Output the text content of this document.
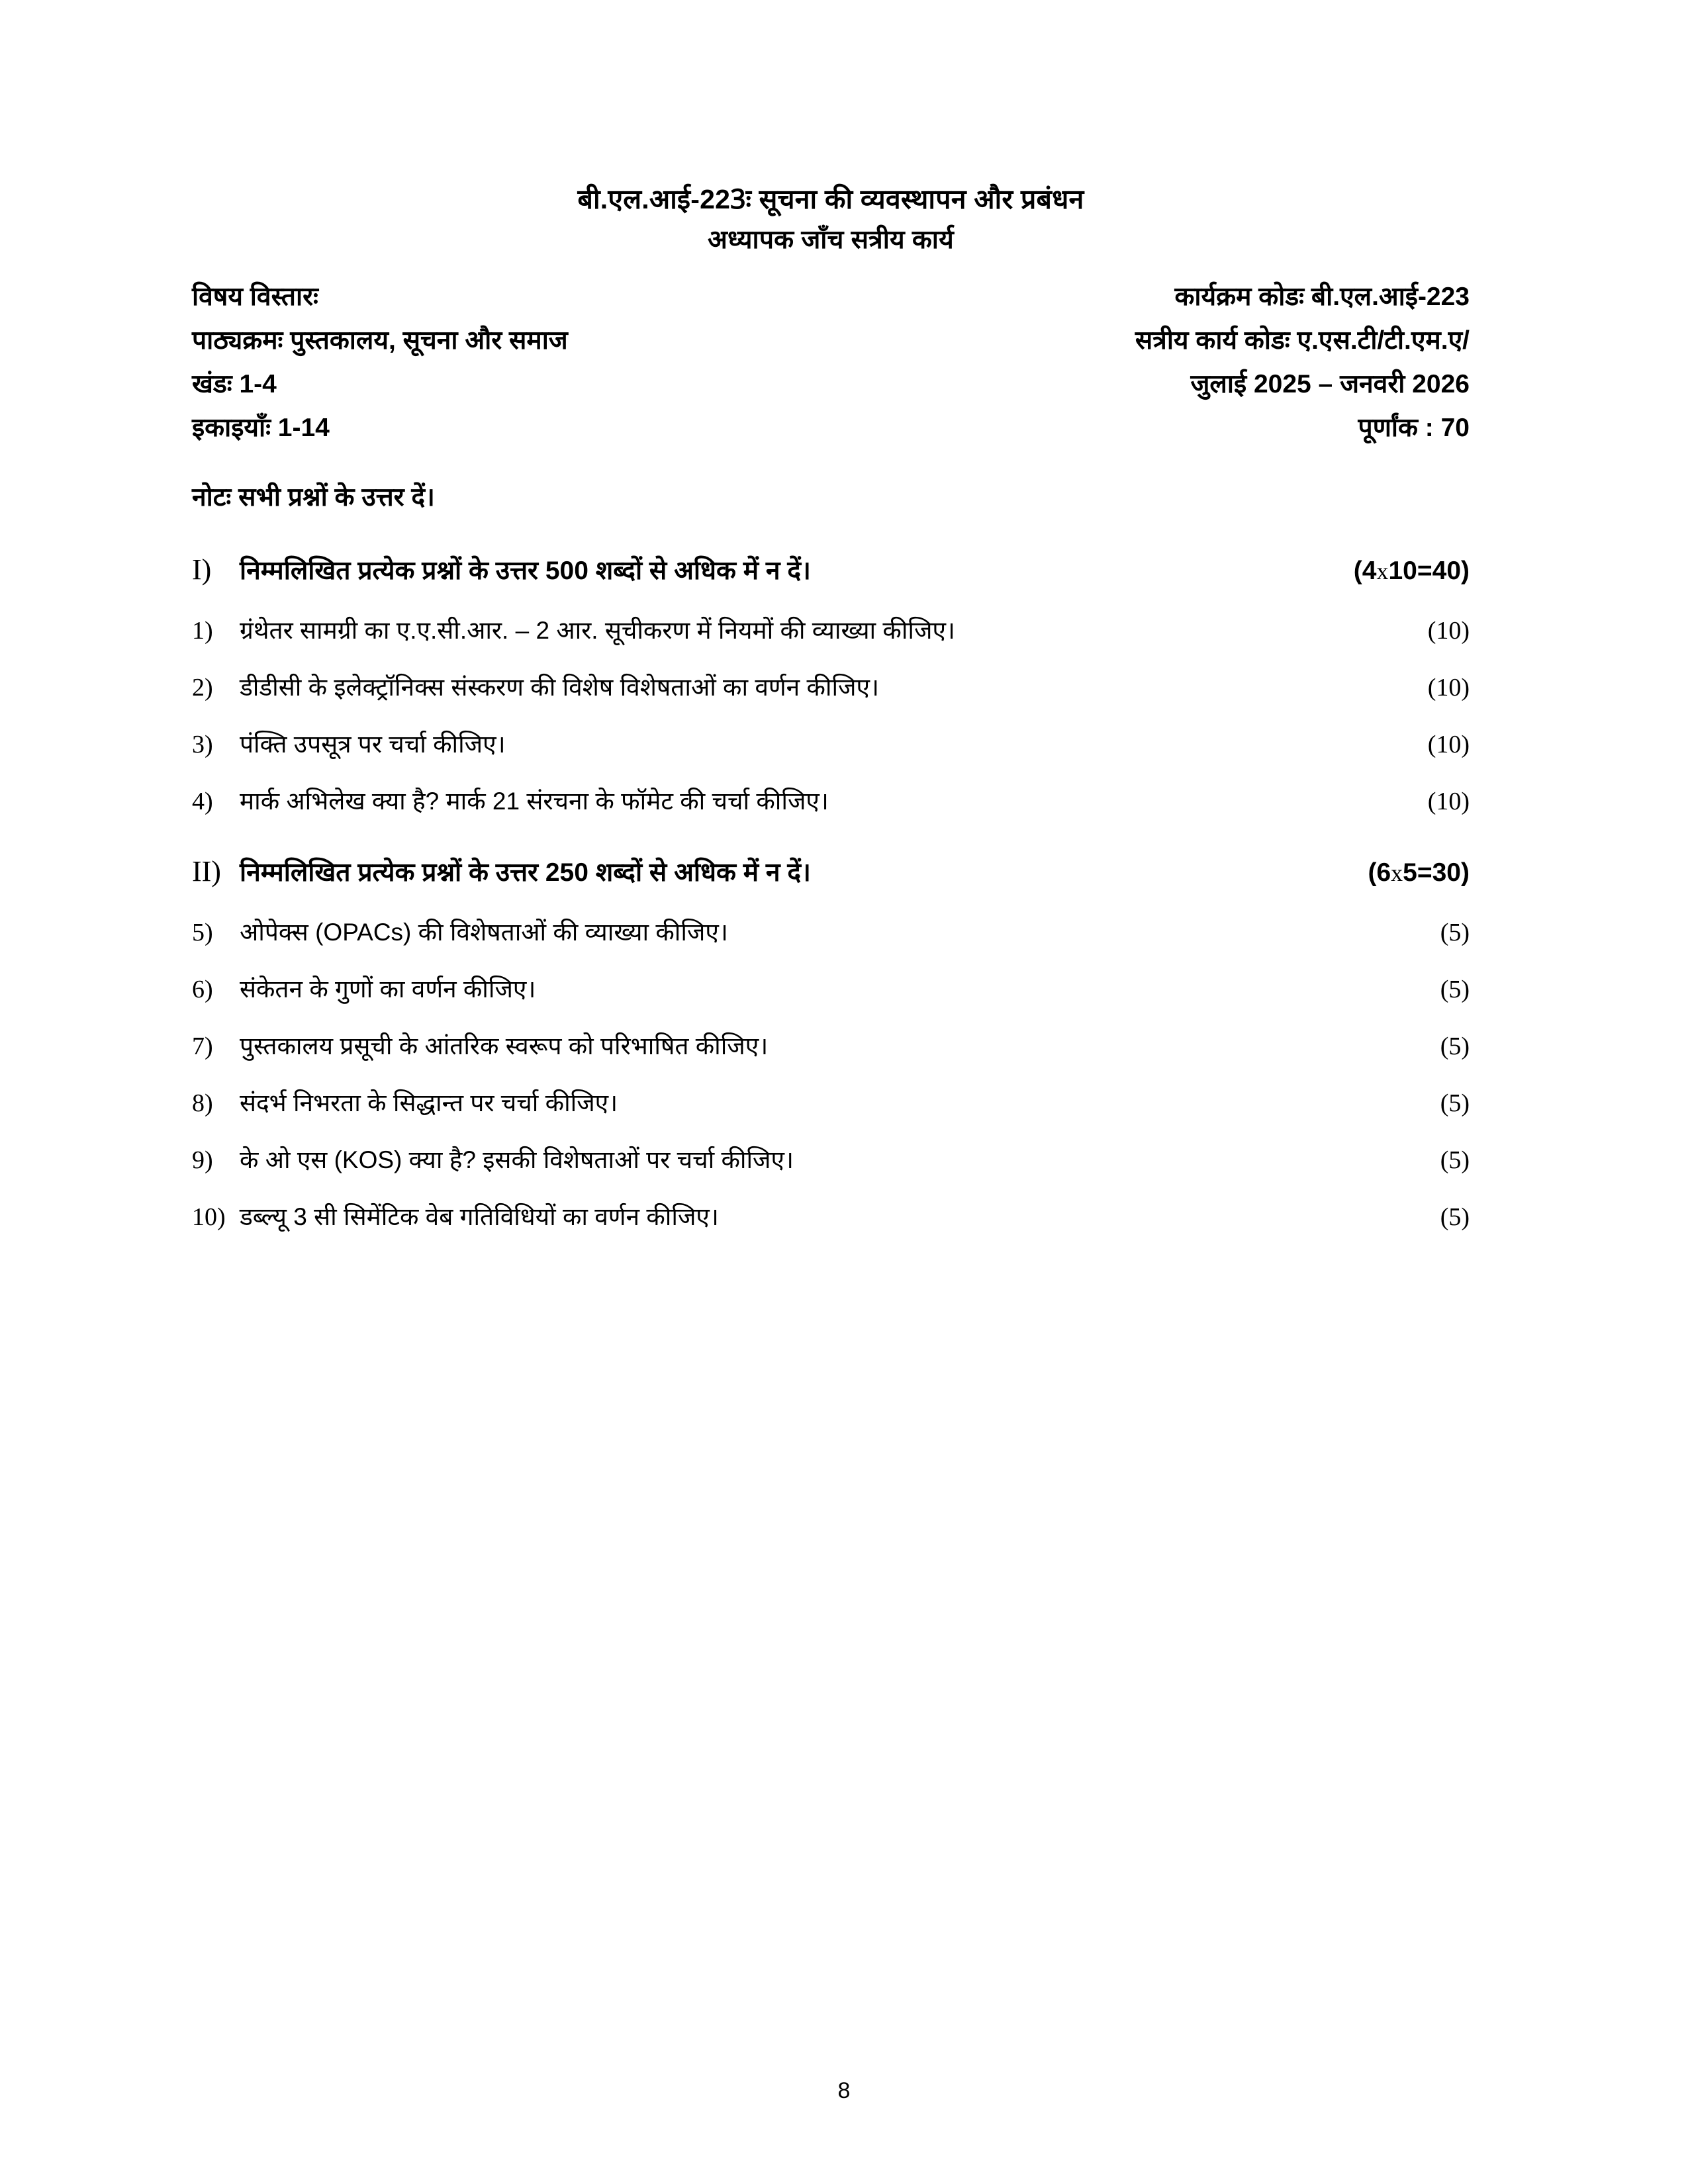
बी.एल.आई-223ः सूचना की व्यवस्थापन और प्रबंधन
अध्यापक जाँच सत्रीय कार्य
विषय विस्तारः	कार्यक्रम कोडः बी.एल.आई-223
पाठ्यक्रमः पुस्तकालय, सूचना और समाज	सत्रीय कार्य कोडः ए.एस.टी/टी.एम.ए/
खंडः 1-4	जुलाई 2025 – जनवरी 2026
इकाइयाँः 1-14	पूर्णांक : 70
नोटः सभी प्रश्नों के उत्तर दें।
I)	निम्मलिखित प्रत्येक प्रश्नों के उत्तर 500 शब्दों से अधिक में न दें।	(4x10=40)
1)	ग्रंथेतर सामग्री का ए.ए.सी.आर. – 2 आर. सूचीकरण में नियमों की व्याख्या कीजिए।	(10)
2)	डीडीसी के इलेक्ट्रॉनिक्स संस्करण की विशेष विशेषताओं का वर्णन कीजिए।	(10)
3)	पंक्ति उपसूत्र पर चर्चा कीजिए।	(10)
4)	मार्क अभिलेख क्या है? मार्क 21 संरचना के फॉमेट की चर्चा कीजिए।	(10)
II) निम्मलिखित प्रत्येक प्रश्नों के उत्तर 250 शब्दों से अधिक में न दें।	(6x5=30)
5)	ओपेक्स (OPACs) की विशेषताओं की व्याख्या कीजिए।	(5)
6)	संकेतन के गुणों का वर्णन कीजिए।	(5)
7)	पुस्तकालय प्रसूची के आंतरिक स्वरूप को परिभाषित कीजिए।	(5)
8)	संदर्भ निभरता के सिद्धान्त पर चर्चा कीजिए।	(5)
9)	के ओ एस (KOS) क्या है? इसकी विशेषताओं पर चर्चा कीजिए।	(5)
10) डब्ल्यू 3 सी सिमेंटिक वेब गतिविधियों का वर्णन कीजिए।	(5)
8
